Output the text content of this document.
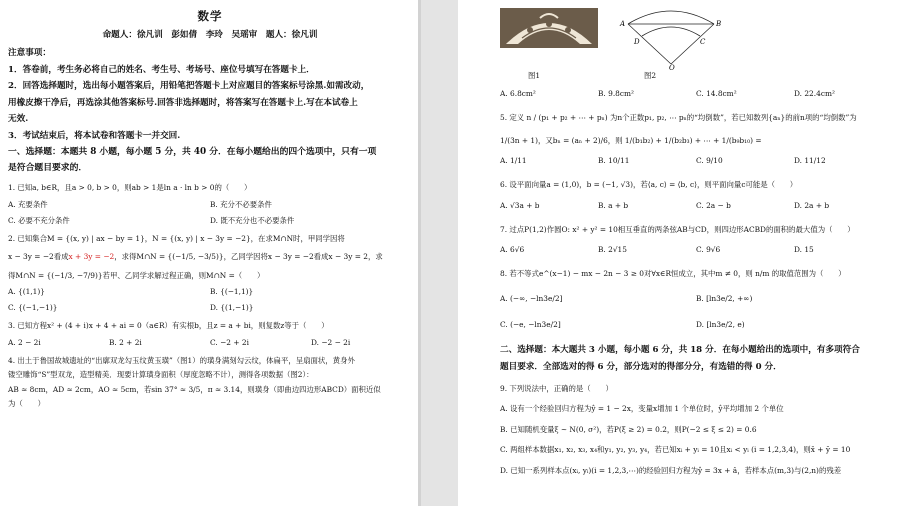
数学
命题人：徐凡训　彭如倩　李玲　吴瑶审　题人：徐凡训
注意事项：
1．答卷前，考生务必将自己的姓名、考生号、考场号、座位号填写在答题卡上．
2．回答选择题时，选出每小题答案后，用铅笔把答题卡上对应题目的答案标号涂黑.如需改动，
用橡皮擦干净后，再选涂其他答案标号.回答非选择题时，将答案写在答题卡上.写在本试卷上
无效.
3．考试结束后，将本试卷和答题卡一并交回.
一、选择题：本题共 8 小题，每小题 5 分，共 40 分．在每小题给出的四个选项中，只有一项
是符合题目要求的．
1. 已知a, b∈R，且a > 0, b > 0，则ab > 1是ln a · ln b > 0的（　　）
A. 充要条件	B. 充分不必要条件
C. 必要不充分条件	D. 既不充分也不必要条件
2. 已知集合M = {(x, y) | ax − by = 1}，N = {(x, y) | x − 3y = −2}，在求M∩N时，甲同学因将
x − 3y = −2看成x + 3y = −2，求得M∩N = {(−1/5, −3/5)}，乙同学因将x − 3y = −2看成x − 3y = 2，求
得M∩N = {(−1/3, −7/9)}若甲、乙同学求解过程正确，则M∩N =（　　）
A. {(1,1)}	B. {(−1,1)}
C. {(−1,−1)}	D. {(1,−1)}
3. 已知方程x² + (4 + i)x + 4 + ai = 0（a∈R）有实根b，且z = a + bi，则复数z等于（　　）
A. 2 − 2i	B. 2 + 2i	C. −2 + 2i	D. −2 − 2i
4. 出土于鲁国故城遗址的“出廓双龙勾玉纹黄玉璜”（图1）的璜身满刻勾云纹，体扁平，呈扇面状，黄身外
镂空雕饰“S”型双龙，造型精美．现要计算璜身面积（厚度忽略不计），测得各项数据（图2）：
AB ≈ 8cm，AD ≈ 2cm，AO ≈ 5cm，若sin 37° ≈ 3/5，π ≈ 3.14，则璜身（即曲边四边形ABCD）面积近似
为（　　）
A	B
C
D
O
图1	图2
A. 6.8cm²	B. 9.8cm²	C. 14.8cm²	D. 22.4cm²
5. 定义 n / (p₁ + p₂ + ⋯ + pₙ) 为n个正数p₁, p₂, ⋯ pₙ的“均倒数”，若已知数列{aₙ}的前n项的“均倒数”为
1/(3n + 1)，又bₙ = (aₙ + 2)/6，则 1/(b₁b₂) + 1/(b₂b₃) + ⋯ + 1/(b₉b₁₀) =
A. 1/11	B. 10/11	C. 9/10	D. 11/12
6. 设平面向量a = (1,0)，b = (−1, √3)，若⟨a, c⟩ = ⟨b, c⟩，则平面向量c可能是（　　）
A. √3a + b	B. a + b	C. 2a − b	D. 2a + b
7. 过点P(1,2)作圆O: x² + y² = 10相互垂直的两条弦AB与CD，则四边形ACBD的面积的最大值为（　　）
A. 6√6	B. 2√15	C. 9√6	D. 15
8. 若不等式e^(x−1) − mx − 2n − 3 ≥ 0对∀x∈R恒成立，其中m ≠ 0，则 n/m 的取值范围为（　　）
A. (−∞, −ln3e/2]	B. [ln3e/2, +∞)
C. (−e, −ln3e/2]	D. [ln3e/2, e)
二、选择题：本大题共 3 小题，每小题 6 分，共 18 分．在每小题给出的选项中，有多项符合
题目要求．全部选对的得 6 分，部分选对的得部分分，有选错的得 0 分．
9. 下列说法中，正确的是（　　）
A. 设有一个经验回归方程为ŷ = 1 − 2x，变量x增加 1 个单位时，ŷ平均增加 2 个单位
B. 已知随机变量ξ ~ N(0, σ²)，若P(ξ ≥ 2) = 0.2，则P(−2 ≤ ξ ≤ 2) = 0.6
C. 两组样本数据x₁, x₂, x₃, x₄和y₁, y₂, y₃, y₄，若已知xᵢ + yᵢ = 10且xᵢ < yᵢ (i = 1,2,3,4)，则x̄ + ȳ = 10
D. 已知一系列样本点(xᵢ, yᵢ)(i = 1,2,3,⋯)的经验回归方程为ŷ = 3x + â，若样本点(m,3)与(2,n)的残差
